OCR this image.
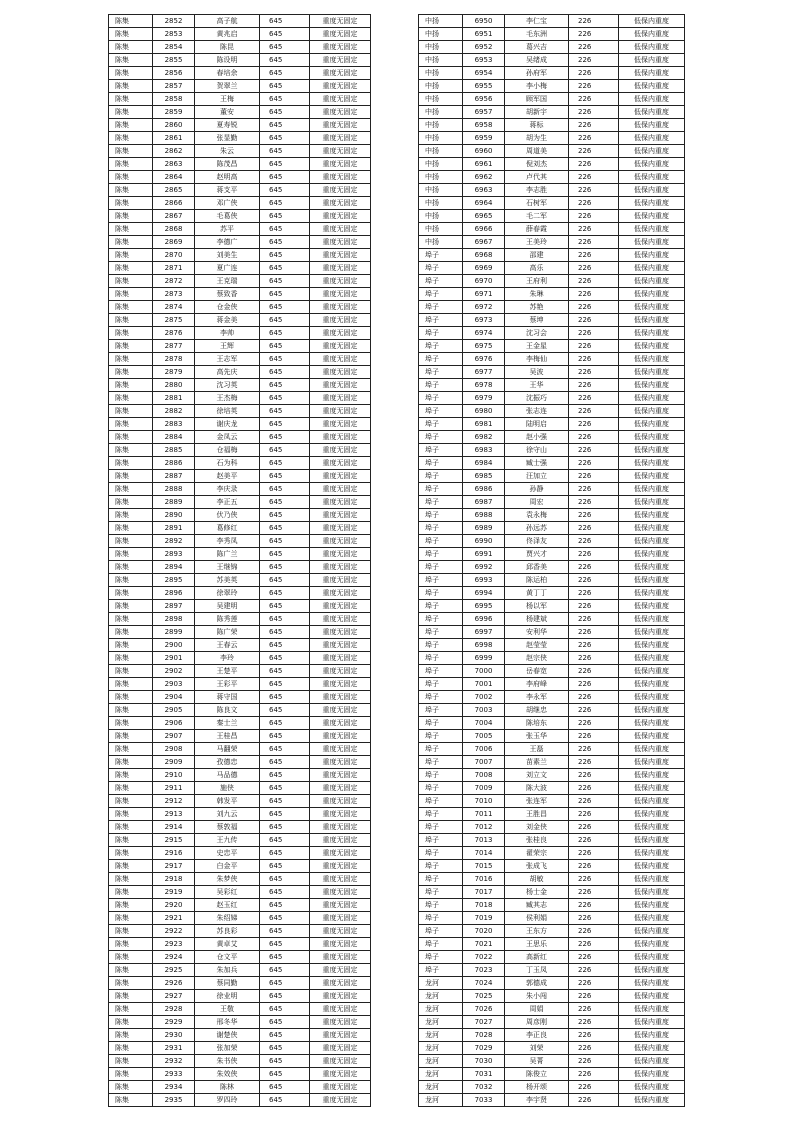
陈集	2852	高子航	645	重度无固定
陈集	2853	黄兆启	645	重度无固定
陈集	2854	陈昆	645	重度无固定
陈集	2855	陈设明	645	重度无固定
陈集	2856	春培余	645	重度无固定
陈集	2857	贺翠兰	645	重度无固定
陈集	2858	王梅	645	重度无固定
陈集	2859	董安	645	重度无固定
陈集	2860	夏寿锐	645	重度无固定
陈集	2861	张显勤	645	重度无固定
陈集	2862	朱云	645	重度无固定
陈集	2863	陈茂昌	645	重度无固定
陈集	2864	赵明高	645	重度无固定
陈集	2865	蒋支平	645	重度无固定
陈集	2866	邓广侠	645	重度无固定
陈集	2867	毛葛侠	645	重度无固定
陈集	2868	苏平	645	重度无固定
陈集	2869	李德广	645	重度无固定
陈集	2870	刘美生	645	重度无固定
陈集	2871	夏广连	645	重度无固定
陈集	2872	王克瑞	645	重度无固定
陈集	2873	蔡致香	645	重度无固定
陈集	2874	仓金侠	645	重度无固定
陈集	2875	蒋金美	645	重度无固定
陈集	2876	李帅	645	重度无固定
陈集	2877	王辉	645	重度无固定
陈集	2878	王志军	645	重度无固定
陈集	2879	高先庆	645	重度无固定
陈集	2880	沈习英	645	重度无固定
陈集	2881	王杰梅	645	重度无固定
陈集	2882	徐培英	645	重度无固定
陈集	2883	谢庆龙	645	重度无固定
陈集	2884	金凤云	645	重度无固定
陈集	2885	仓福梅	645	重度无固定
陈集	2886	石为科	645	重度无固定
陈集	2887	赵美平	645	重度无固定
陈集	2888	李庆录	645	重度无固定
陈集	2889	李正五	645	重度无固定
陈集	2890	伏乃侠	645	重度无固定
陈集	2891	葛修红	645	重度无固定
陈集	2892	李秀凤	645	重度无固定
陈集	2893	陈广兰	645	重度无固定
陈集	2894	王继锦	645	重度无固定
陈集	2895	苏美英	645	重度无固定
陈集	2896	徐翠玲	645	重度无固定
陈集	2897	吴建明	645	重度无固定
陈集	2898	陈秀莲	645	重度无固定
陈集	2899	陈广荣	645	重度无固定
陈集	2900	王春云	645	重度无固定
陈集	2901	李玲	645	重度无固定
陈集	2902	王楚平	645	重度无固定
陈集	2903	王彩平	645	重度无固定
陈集	2904	蒋守国	645	重度无固定
陈集	2905	陈良文	645	重度无固定
陈集	2906	秦士兰	645	重度无固定
陈集	2907	王桂昌	645	重度无固定
陈集	2908	马翻荣	645	重度无固定
陈集	2909	孜德忠	645	重度无固定
陈集	2910	马品德	645	重度无固定
陈集	2911	施侠	645	重度无固定
陈集	2912	韩发平	645	重度无固定
陈集	2913	刘九云	645	重度无固定
陈集	2914	蔡敦福	645	重度无固定
陈集	2915	王九传	645	重度无固定
陈集	2916	史忠平	645	重度无固定
陈集	2917	白金平	645	重度无固定
陈集	2918	朱梦侠	645	重度无固定
陈集	2919	吴彩红	645	重度无固定
陈集	2920	赵玉红	645	重度无固定
陈集	2921	朱绍娣	645	重度无固定
陈集	2922	苏良彩	645	重度无固定
陈集	2923	黄卓艾	645	重度无固定
陈集	2924	仓文平	645	重度无固定
陈集	2925	朱加兵	645	重度无固定
陈集	2926	蔡同勤	645	重度无固定
陈集	2927	徐业明	645	重度无固定
陈集	2928	王敬	645	重度无固定
陈集	2929	邢冬华	645	重度无固定
陈集	2930	谢楚侠	645	重度无固定
陈集	2931	张加荣	645	重度无固定
陈集	2932	朱书侠	645	重度无固定
陈集	2933	朱效侠	645	重度无固定
陈集	2934	陈林	645	重度无固定
陈集	2935	罗四玲	645	重度无固定
中扬	6950	李仁宝	226	低保内重度
中扬	6951	毛东洲	226	低保内重度
中扬	6952	葛兴吉	226	低保内重度
中扬	6953	吴绪成	226	低保内重度
中扬	6954	孙府军	226	低保内重度
中扬	6955	李小梅	226	低保内重度
中扬	6956	顾军国	226	低保内重度
中扬	6957	胡新宇	226	低保内重度
中扬	6958	蒋标	226	低保内重度
中扬	6959	胡为生	226	低保内重度
中扬	6960	周道美	226	低保内重度
中扬	6961	倪刘杰	226	低保内重度
中扬	6962	卢代其	226	低保内重度
中扬	6963	李志胜	226	低保内重度
中扬	6964	石树军	226	低保内重度
中扬	6965	毛二军	226	低保内重度
中扬	6966	薛春霞	226	低保内重度
中扬	6967	王美玲	226	低保内重度
埠子	6968	邵建	226	低保内重度
埠子	6969	高乐	226	低保内重度
埠子	6970	王府利	226	低保内重度
埠子	6971	朱琳	226	低保内重度
埠子	6972	苏艳	226	低保内重度
埠子	6973	蔡坤	226	低保内重度
埠子	6974	沈习会	226	低保内重度
埠子	6975	王金星	226	低保内重度
埠子	6976	李梅仙	226	低保内重度
埠子	6977	吴波	226	低保内重度
埠子	6978	王华	226	低保内重度
埠子	6979	沈振巧	226	低保内重度
埠子	6980	张志连	226	低保内重度
埠子	6981	陆明启	226	低保内重度
埠子	6982	赵小强	226	低保内重度
埠子	6983	徐守山	226	低保内重度
埠子	6984	臧士强	226	低保内重度
埠子	6985	汪加立	226	低保内重度
埠子	6986	孙静	226	低保内重度
埠子	6987	周宏	226	低保内重度
埠子	6988	袁永梅	226	低保内重度
埠子	6989	孙远苏	226	低保内重度
埠子	6990	佟泽友	226	低保内重度
埠子	6991	贾兴才	226	低保内重度
埠子	6992	邱香美	226	低保内重度
埠子	6993	陈运柏	226	低保内重度
埠子	6994	黄丁丁	226	低保内重度
埠子	6995	杨以军	226	低保内重度
埠子	6996	杨建斌	226	低保内重度
埠子	6997	安利华	226	低保内重度
埠子	6998	赵莹莹	226	低保内重度
埠子	6999	赵宗侠	226	低保内重度
埠子	7000	岳春宽	226	低保内重度
埠子	7001	李府峰	226	低保内重度
埠子	7002	李永军	226	低保内重度
埠子	7003	胡继忠	226	低保内重度
埠子	7004	陈培东	226	低保内重度
埠子	7005	张玉华	226	低保内重度
埠子	7006	王磊	226	低保内重度
埠子	7007	苗素兰	226	低保内重度
埠子	7008	刘立文	226	低保内重度
埠子	7009	陈大波	226	低保内重度
埠子	7010	张连军	226	低保内重度
埠子	7011	王胜昌	226	低保内重度
埠子	7012	刘金侠	226	低保内重度
埠子	7013	张桂良	226	低保内重度
埠子	7014	翟荣宗	226	低保内重度
埠子	7015	张成飞	226	低保内重度
埠子	7016	胡敏	226	低保内重度
埠子	7017	杨士金	226	低保内重度
埠子	7018	臧其志	226	低保内重度
埠子	7019	侯利娟	226	低保内重度
埠子	7020	王东方	226	低保内重度
埠子	7021	王思乐	226	低保内重度
埠子	7022	高新红	226	低保内重度
埠子	7023	丁玉凤	226	低保内重度
龙河	7024	郭德成	226	低保内重度
龙河	7025	朱小闯	226	低保内重度
龙河	7026	周娟	226	低保内重度
龙河	7027	周彦刚	226	低保内重度
龙河	7028	李正良	226	低保内重度
龙河	7029	刘荣	226	低保内重度
龙河	7030	吴菁	226	低保内重度
龙河	7031	陈俊立	226	低保内重度
龙河	7032	杨开颂	226	低保内重度
龙河	7033	李宇贤	226	低保内重度
